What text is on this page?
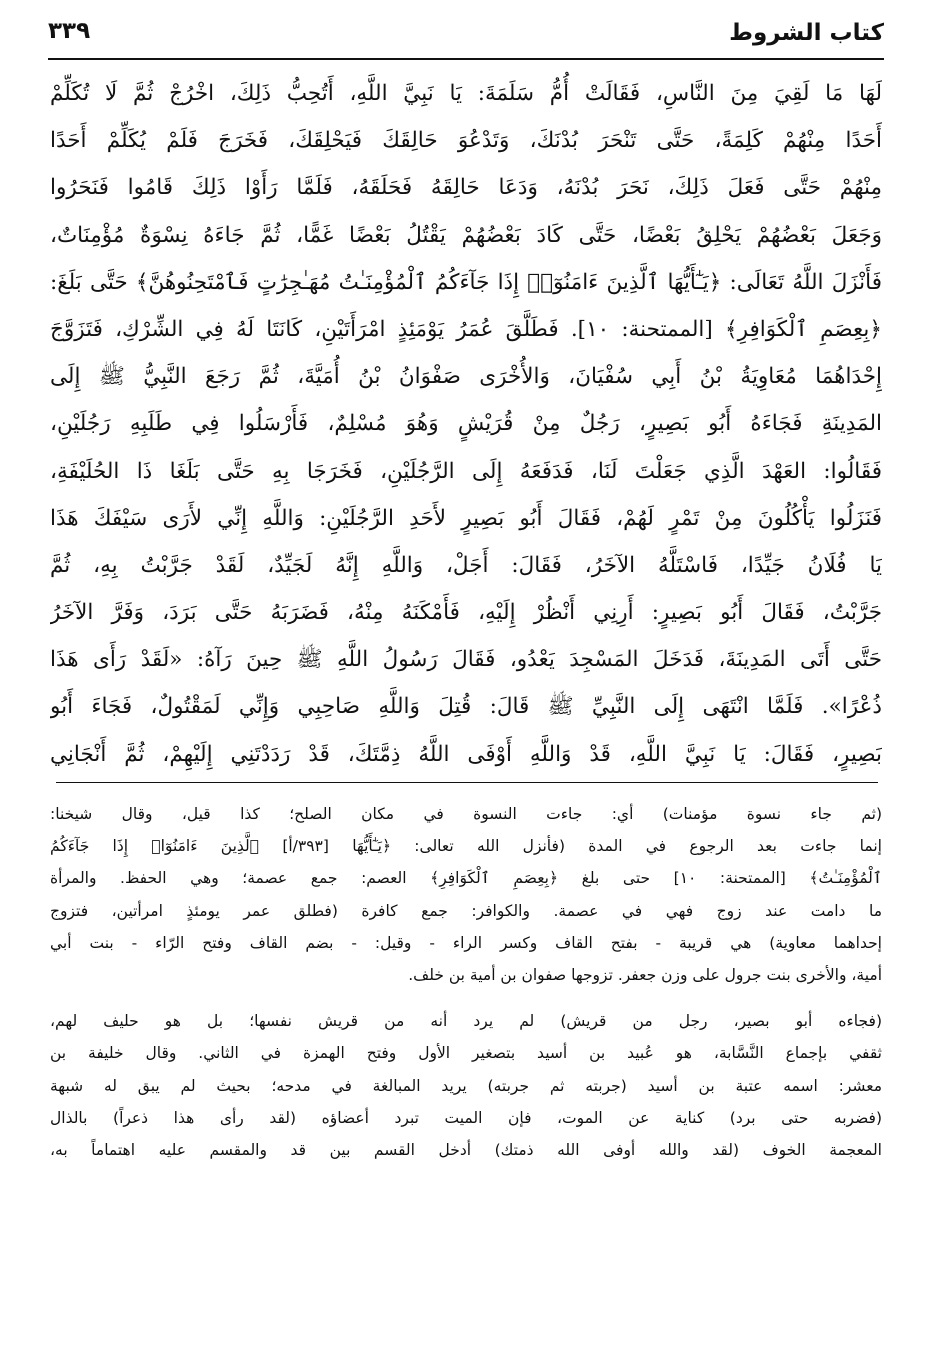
كتاب الشروط
٣٣٩
لَهَا مَا لَقِيَ مِنَ النَّاسِ، فَقَالَتْ أُمُّ سَلَمَةَ: يَا نَبِيَّ اللَّهِ، أَتُحِبُّ ذَلِكَ، اخْرُجْ ثُمَّ لَا تُكَلِّمْ
أَحَدًا مِنْهُمْ كَلِمَةً، حَتَّى تَنْحَرَ بُدْنَكَ، وَتَدْعُوَ حَالِقَكَ فَيَحْلِقَكَ، فَخَرَجَ فَلَمْ يُكَلِّمْ أَحَدًا
مِنْهُمْ حَتَّى فَعَلَ ذَلِكَ، نَحَرَ بُدْنَهُ، وَدَعَا حَالِقَهُ فَحَلَقَهُ، فَلَمَّا رَأَوْا ذَلِكَ قَامُوا فَنَحَرُوا
وَجَعَلَ بَعْضُهُمْ يَحْلِقُ بَعْضًا، حَتَّى كَادَ بَعْضُهُمْ يَقْتُلُ بَعْضًا غَمًّا، ثُمَّ جَاءَهُ نِسْوَةٌ مُؤْمِنَاتٌ،
فَأَنْزَلَ اللَّهُ تَعَالَى: ﴿يَـٰٓأَيُّهَا ٱلَّذِينَ ءَامَنُوٓا۟ إِذَا جَآءَكُمُ ٱلْمُؤْمِنَـٰتُ مُهَـٰجِرَٰتٍ فَٱمْتَحِنُوهُنَّ﴾ حَتَّى بَلَغَ:
﴿بِعِصَمِ ٱلْكَوَافِرِ﴾ [الممتحنة: ١٠]. فَطَلَّقَ عُمَرُ يَوْمَئِذٍ امْرَأَتَيْنِ، كَانَتَا لَهُ فِي الشِّرْكِ، فَتَزَوَّجَ
إِحْدَاهُمَا مُعَاوِيَةُ بْنُ أَبِي سُفْيَانَ، وَالأُخْرَى صَفْوَانُ بْنُ أُمَيَّةَ، ثُمَّ رَجَعَ النَّبِيُّ ﷺ إِلَى
المَدِينَةِ فَجَاءَهُ أَبُو بَصِيرٍ، رَجُلٌ مِنْ قُرَيْشٍ وَهُوَ مُسْلِمٌ، فَأَرْسَلُوا فِي طَلَبِهِ رَجُلَيْنِ،
فَقَالُوا: العَهْدَ الَّذِي جَعَلْتَ لَنَا، فَدَفَعَهُ إِلَى الرَّجُلَيْنِ، فَخَرَجَا بِهِ حَتَّى بَلَغَا ذَا الحُلَيْفَةِ،
فَنَزَلُوا يَأْكُلُونَ مِنْ تَمْرٍ لَهُمْ، فَقَالَ أَبُو بَصِيرٍ لأَحَدِ الرَّجُلَيْنِ: وَاللَّهِ إِنِّي لأَرَى سَيْفَكَ هَذَا
يَا فُلَانُ جَيِّدًا، فَاسْتَلَّهُ الآخَرُ، فَقَالَ: أَجَلْ، وَاللَّهِ إِنَّهُ لَجَيِّدٌ، لَقَدْ جَرَّبْتُ بِهِ، ثُمَّ
جَرَّبْتُ، فَقَالَ أَبُو بَصِيرٍ: أَرِنِي أَنْظُرْ إِلَيْهِ، فَأَمْكَنَهُ مِنْهُ، فَضَرَبَهُ حَتَّى بَرَدَ، وَفَرَّ الآخَرُ
حَتَّى أَتَى المَدِينَةَ، فَدَخَلَ المَسْجِدَ يَعْدُو، فَقَالَ رَسُولُ اللَّهِ ﷺ حِينَ رَآهُ: «لَقَدْ رَأَى هَذَا
ذُعْرًا». فَلَمَّا انْتَهَى إِلَى النَّبِيِّ ﷺ قَالَ: قُتِلَ وَاللَّهِ صَاحِبِي وَإِنِّي لَمَقْتُولٌ، فَجَاءَ أَبُو
بَصِيرٍ، فَقَالَ: يَا نَبِيَّ اللَّهِ، قَدْ وَاللَّهِ أَوْفَى اللَّهُ ذِمَّتَكَ، قَدْ رَدَدْتَنِي إِلَيْهِمْ، ثُمَّ أَنْجَانِي
(ثم جاء نسوة مؤمنات) أي: جاءت النسوة في مكان الصلح؛ كذا قيل، وقال شيخنا:
إنما جاءت بعد الرجوع في المدة (فأنزل الله تعالى: ﴿يَـٰٓأَيُّهَا [٣٩٣/أ] ٱلَّذِينَ ءَامَنُوٓا۟ إِذَا جَآءَكُمُ
ٱلْمُؤْمِنَـٰتُ﴾ [الممتحنة: ١٠] حتى بلغ ﴿بِعِصَمِ ٱلْكَوَافِرِ﴾ العصم: جمع عصمة؛ وهي الحفظ. والمرأة
ما دامت عند زوج فهي في عصمة. والكوافر: جمع كافرة (فطلق عمر يومئذٍ امرأتين، فتزوج
إحداهما معاوية) هي قريبة - بفتح القاف وكسر الراء - وقيل: - بضم القاف وفتح الرّاء - بنت أبي
أمية، والأخرى بنت جرول على وزن جعفر. تزوجها صفوان بن أمية بن خلف.
(فجاءه أبو بصير، رجل من قريش) لم يرد أنه من قريش نفسها؛ بل هو حليف لهم،
ثقفي بإجماع النَّسَّابة، هو عُبيد بن أسيد بتصغير الأول وفتح الهمزة في الثاني. وقال خليفة بن
معشر: اسمه عتبة بن أسيد (جربته ثم جربته) يريد المبالغة في مدحه؛ بحيث لم يبق له شبهة
(فضربه حتى برد) كناية عن الموت، فإن الميت تبرد أعضاؤه (لقد رأى هذا ذعراً) بالذال
المعجمة الخوف (لقد والله أوفى الله ذمتك) أدخل القسم بين قد والمقسم عليه اهتماماً به،
